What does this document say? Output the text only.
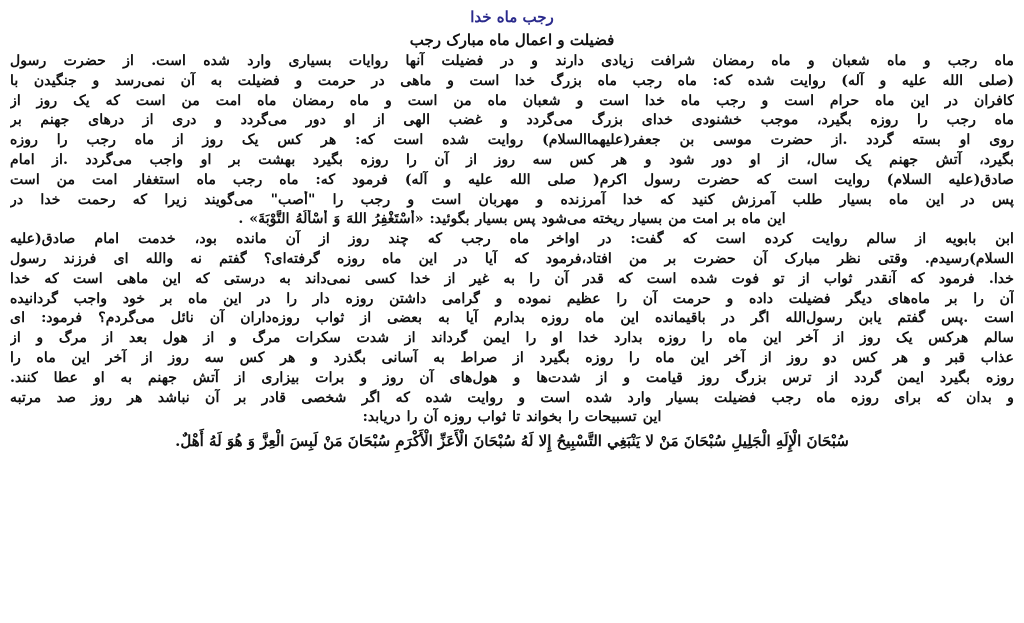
رجب ماه خدا
فضیلت و اعمال ماه مبارک رجب
ماه رجب و ماه شعبان و ماه رمضان شرافت زیادی دارند و در فضیلت آنها روایات بسیاری وارد شده است. از حضرت رسول
(صلی الله علیه و آله) روایت شده که: ماه رجب ماه بزرگ خدا است و ماهی در حرمت و فضیلت به آن نمی‌رسد و جنگیدن با
کافران در این ماه حرام است و رجب ماه خدا است و شعبان ماه من است و ماه رمضان ماه امت من است که یک روز از
ماه رجب را روزه بگیرد، موجب خشنودی خدای بزرگ می‌گردد و غضب الهی از او دور می‌گردد و دری از درهای جهنم بر
روی او بسته گردد .از حضرت موسی بن جعفر(علیهماالسلام) روایت شده است که: هر کس یک روز از ماه رجب را روزه
بگیرد، آتش جهنم یک سال، از او دور شود و هر کس سه روز از آن را روزه بگیرد بهشت بر او واجب می‌گردد .از امام
صادق(علیه السلام) روایت است که حضرت رسول اکرم( صلی الله علیه و آله) فرمود که: ماه رجب ماه استغفار امت من است
پس در این ماه بسیار طلب آمرزش کنید که خدا آمرزنده و مهربان است و رجب را "أصب" می‌گویند زیرا که رحمت خدا در
این ماه بر امت من بسیار ریخته می‌شود پس بسیار بگوئید: «أَسْتَغْفِرُ اللهَ وَ أَسْأَلُهُ التَّوْبَةَ» .
ابن بابویه از سالم روایت کرده است که گفت: در اواخر ماه رجب که چند روز از آن مانده بود، خدمت امام صادق(علیه
السلام)رسیدم. وقتی نظر مبارک آن حضرت بر من افتاد،فرمود که آیا در این ماه روزه گرفته‌ای؟ گفتم نه والله ای فرزند رسول
خدا. فرمود که آنقدر ثواب از تو فوت شده است که قدر آن را به غیر از خدا کسی نمی‌داند به درستی که این ماهی است که خدا
آن را بر ماه‌های دیگر فضیلت داده و حرمت آن را عظیم نموده و گرامی داشتن روزه دار را در این ماه بر خود واجب گردانیده
است .پس گفتم یابن رسول‌الله اگر در باقیمانده این ماه روزه بدارم آیا به بعضی از ثواب روزه‌داران آن نائل می‌گردم؟ فرمود: ای
سالم هرکس یک روز از آخر این ماه را روزه بدارد خدا او را ایمن گرداند از شدت سکرات مرگ و از هول بعد از مرگ و از
عذاب قبر و هر کس دو روز از آخر این ماه را روزه بگیرد از صراط به آسانی بگذرد و هر کس سه روز از آخر این ماه را
روزه بگیرد ایمن گردد از ترس بزرگ روز قیامت و از شدت‌ها و هول‌های آن روز و برات بیزاری از آتش جهنم به او عطا کنند.
و بدان که برای روزه ماه رجب فضیلت بسیار وارد شده است و روایت شده که اگر شخصی قادر بر آن نباشد هر روز صد مرتبه
این تسبیحات را بخواند تا ثواب روزه آن را دریابد:

سُبْحَانَ الْإِلَهِ الْجَلِيلِ سُبْحَانَ مَنْ لا يَنْبَغِي التَّسْبِيحُ إِلا لَهُ سُبْحَانَ الْأَعَزِّ الْأَكْرَمِ سُبْحَانَ مَنْ لَبِسَ الْعِزَّ وَ هُوَ لَهُ أَهْلٌ.
